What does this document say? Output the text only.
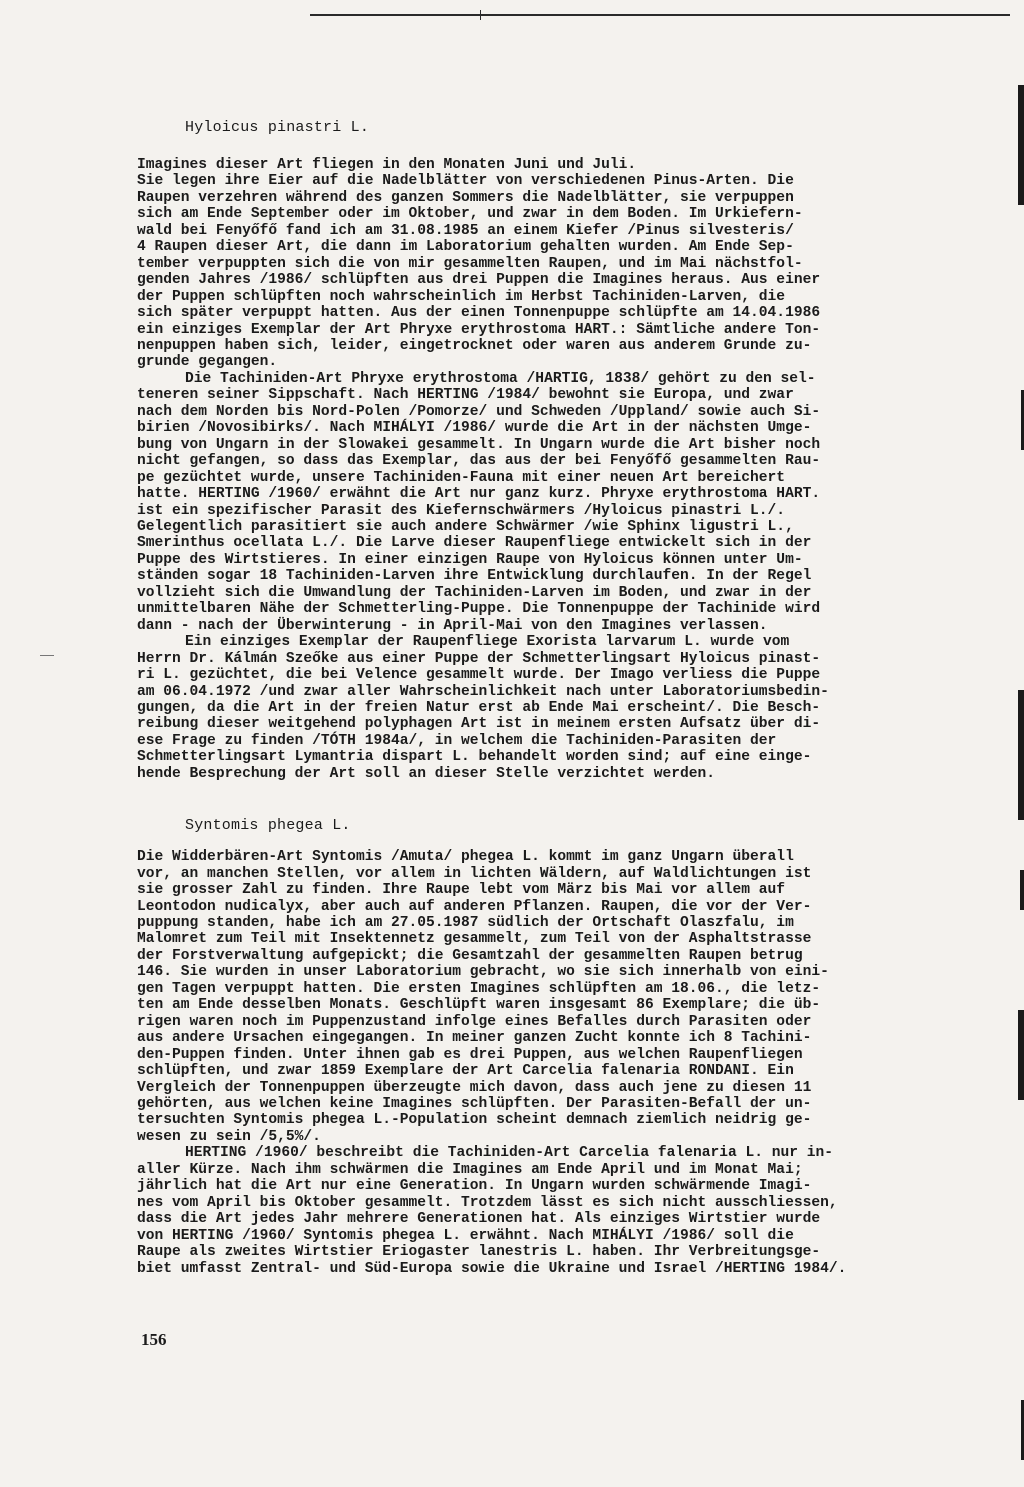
Hyloicus pinastri L.
Imagines dieser Art fliegen in den Monaten Juni und Juli.
Sie legen ihre Eier auf die Nadelblätter von verschiedenen Pinus-Arten. Die
Raupen verzehren während des ganzen Sommers die Nadelblätter, sie verpuppen
sich am Ende September oder im Oktober, und zwar in dem Boden. Im Urkiefern-
wald bei Fenyőfő fand ich am 31.08.1985 an einem Kiefer /Pinus silvesteris/
4 Raupen dieser Art, die dann im Laboratorium gehalten wurden. Am Ende Sep-
tember verpuppten sich die von mir gesammelten Raupen, und im Mai nächstfol-
genden Jahres /1986/ schlüpften aus drei Puppen die Imagines heraus. Aus einer
der Puppen schlüpften noch wahrscheinlich im Herbst Tachiniden-Larven, die
sich später verpuppt hatten. Aus der einen Tonnenpuppe schlüpfte am 14.04.1986
ein einziges Exemplar der Art Phryxe erythrostoma HART.: Sämtliche andere Ton-
nenpuppen haben sich, leider, eingetrocknet oder waren aus anderem Grunde zu-
grunde gegangen.
Die Tachiniden-Art Phryxe erythrostoma /HARTIG, 1838/ gehört zu den sel-
teneren seiner Sippschaft. Nach HERTING /1984/ bewohnt sie Europa, und zwar
nach dem Norden bis Nord-Polen /Pomorze/ und Schweden /Uppland/ sowie auch Si-
birien /Novosibirks/. Nach MIHÁLYI /1986/ wurde die Art in der nächsten Umge-
bung von Ungarn in der Slowakei gesammelt. In Ungarn wurde die Art bisher noch
nicht gefangen, so dass das Exemplar, das aus der bei Fenyőfő gesammelten Rau-
pe gezüchtet wurde, unsere Tachiniden-Fauna mit einer neuen Art bereichert
hatte. HERTING /1960/ erwähnt die Art nur ganz kurz. Phryxe erythrostoma HART.
ist ein spezifischer Parasit des Kiefernschwärmers /Hyloicus pinastri L./.
Gelegentlich parasitiert sie auch andere Schwärmer /wie Sphinx ligustri L.,
Smerinthus ocellata L./. Die Larve dieser Raupenfliege entwickelt sich in der
Puppe des Wirtstieres. In einer einzigen Raupe von Hyloicus können unter Um-
ständen sogar 18 Tachiniden-Larven ihre Entwicklung durchlaufen. In der Regel
vollzieht sich die Umwandlung der Tachiniden-Larven im Boden, und zwar in der
unmittelbaren Nähe der Schmetterling-Puppe. Die Tonnenpuppe der Tachinide wird
dann - nach der Überwinterung - in April-Mai von den Imagines verlassen.
Ein einziges Exemplar der Raupenfliege Exorista larvarum L. wurde vom
Herrn Dr. Kálmán Szeőke aus einer Puppe der Schmetterlingsart Hyloicus pinast-
ri L. gezüchtet, die bei Velence gesammelt wurde. Der Imago verliess die Puppe
am 06.04.1972 /und zwar aller Wahrscheinlichkeit nach unter Laboratoriumsbedin-
gungen, da die Art in der freien Natur erst ab Ende Mai erscheint/. Die Besch-
reibung dieser weitgehend polyphagen Art ist in meinem ersten Aufsatz über di-
ese Frage zu finden /TÓTH 1984a/, in welchem die Tachiniden-Parasiten der
Schmetterlingsart Lymantria dispart L. behandelt worden sind; auf eine einge-
hende Besprechung der Art soll an dieser Stelle verzichtet werden.
Syntomis phegea L.
Die Widderbären-Art Syntomis /Amuta/ phegea L. kommt im ganz Ungarn überall
vor, an manchen Stellen, vor allem in lichten Wäldern, auf Waldlichtungen ist
sie grosser Zahl zu finden. Ihre Raupe lebt vom März bis Mai vor allem auf
Leontodon nudicalyx, aber auch auf anderen Pflanzen. Raupen, die vor der Ver-
puppung standen, habe ich am 27.05.1987 südlich der Ortschaft Olaszfalu, im
Malomret zum Teil mit Insektennetz gesammelt, zum Teil von der Asphaltstrasse
der Forstverwaltung aufgepickt; die Gesamtzahl der gesammelten Raupen betrug
146. Sie wurden in unser Laboratorium gebracht, wo sie sich innerhalb von eini-
gen Tagen verpuppt hatten. Die ersten Imagines schlüpften am 18.06., die letz-
ten am Ende desselben Monats. Geschlüpft waren insgesamt 86 Exemplare; die üb-
rigen waren noch im Puppenzustand infolge eines Befalles durch Parasiten oder
aus andere Ursachen eingegangen. In meiner ganzen Zucht konnte ich 8 Tachini-
den-Puppen finden. Unter ihnen gab es drei Puppen, aus welchen Raupenfliegen
schlüpften, und zwar 1859 Exemplare der Art Carcelia falenaria RONDANI. Ein
Vergleich der Tonnenpuppen überzeugte mich davon, dass auch jene zu diesen 11
gehörten, aus welchen keine Imagines schlüpften. Der Parasiten-Befall der un-
tersuchten Syntomis phegea L.-Population scheint demnach ziemlich neidrig ge-
wesen zu sein /5,5%/.
HERTING /1960/ beschreibt die Tachiniden-Art Carcelia falenaria L. nur in-
aller Kürze. Nach ihm schwärmen die Imagines am Ende April und im Monat Mai;
jährlich hat die Art nur eine Generation. In Ungarn wurden schwärmende Imagi-
nes vom April bis Oktober gesammelt. Trotzdem lässt es sich nicht ausschliessen,
dass die Art jedes Jahr mehrere Generationen hat. Als einziges Wirtstier wurde
von HERTING /1960/ Syntomis phegea L. erwähnt. Nach MIHÁLYI /1986/ soll die
Raupe als zweites Wirtstier Eriogaster lanestris L. haben. Ihr Verbreitungsge-
biet umfasst Zentral- und Süd-Europa sowie die Ukraine und Israel /HERTING 1984/.
156
